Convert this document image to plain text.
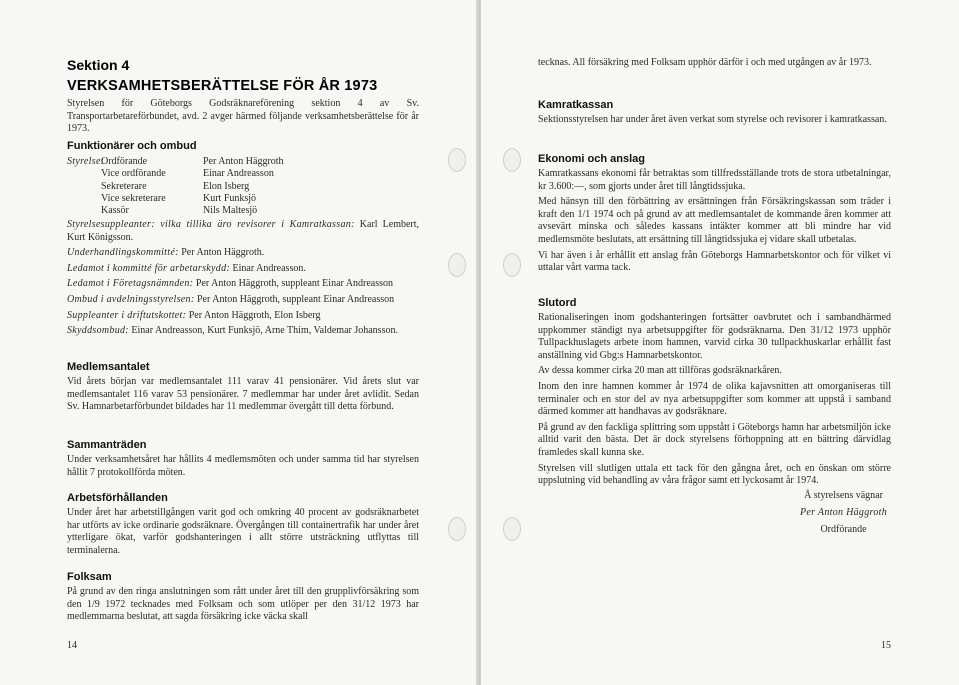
Sektion 4
VERKSAMHETSBERÄTTELSE FÖR ÅR 1973

Styrelsen för Göteborgs Godsräknareförening sektion 4 av Sv. Transportarbetareförbundet, avd. 2 avger härmed följande verksamhetsberättelse för år 1973.

Funktionärer och ombud

Styrelse:
Ordförande	Per Anton Häggroth
Vice ordförande	Einar Andreasson
Sekreterare	Elon Isberg
Vice sekreterare	Kurt Funksjö
Kassör	Nils Maltesjö

Styrelsesuppleanter: vilka tillika äro revisorer i Kamratkassan: Karl Lembert, Kurt Königsson.

Underhandlingskommitté: Per Anton Häggroth.

Ledamot i kommitté för arbetarskydd: Einar Andreasson.

Ledamot i Företagsnämnden: Per Anton Häggroth, suppleant Einar Andreasson

Ombud i avdelningsstyrelsen: Per Anton Häggroth, suppleant Einar Andreasson

Suppleanter i driftutskottet: Per Anton Häggroth, Elon Isberg

Skyddsombud: Einar Andreasson, Kurt Funksjö, Arne Thim, Valdemar Johansson.

Medlemsantalet

Vid årets början var medlemsantalet 111 varav 41 pensionärer. Vid årets slut var medlemsantalet 116 varav 53 pensionärer. 7 medlemmar har under året avlidit. Sedan Sv. Hamnarbetarförbundet bildades har 11 medlemmar övergått till detta förbund.

Sammanträden

Under verksamhetsåret har hållits 4 medlemsmöten och under samma tid har styrelsen hållit 7 protokollförda möten.

Arbetsförhållanden

Under året har arbetstillgången varit god och omkring 40 procent av godsräknarbetet har utförts av icke ordinarie godsräknare. Övergången till containertrafik har under året ytterligare ökat, varför godshanteringen i allt större utsträckning utflyttas till terminalerna.

Folksam

På grund av den ringa anslutningen som rått under året till den grupplivförsäkring som den 1/9 1972 tecknades med Folksam och som utlöper per den 31/12 1973 har medlemmarna beslutat, att sagda försäkring icke väcka skall

14

tecknas. All försäkring med Folksam upphör därför i och med utgången av år 1973.

Kamratkassan

Sektionsstyrelsen har under året även verkat som styrelse och revisorer i kamratkassan.

Ekonomi och anslag

Kamratkassans ekonomi får betraktas som tillfredsställande trots de stora utbetalningar, kr 3.600:—, som gjorts under året till långtidssjuka.

Med hänsyn till den förbättring av ersättningen från Försäkringskassan som träder i kraft den 1/1 1974 och på grund av att medlemsantalet de kommande åren kommer att avsevärt minska och således kassans intäkter kommer att bli mindre har vid medlemsmöte beslutats, att ersättning till långtidssjuka ej vidare skall utbetalas.

Vi har även i år erhållit ett anslag från Göteborgs Hamnarbetskontor och för vilket vi uttalar vårt varma tack.

Slutord

Rationaliseringen inom godshanteringen fortsätter oavbrutet och i sambandhärmed uppkommer ständigt nya arbetsuppgifter för godsräknarna. Den 31/12 1973 upphör Tullpackhuslagets arbete inom hamnen, varvid cirka 30 tullpackhuskarlar erhållit fast anställning vid Gbg:s Hamnarbetskontor.

Av dessa kommer cirka 20 man att tillföras godsräknarkåren.

Inom den inre hamnen kommer år 1974 de olika kajavsnitten att omorganiseras till terminaler och en stor del av nya arbetsuppgifter som kommer att uppstå i samband därmed kommer att handhavas av godsräknare.

På grund av den fackliga splittring som uppstått i Göteborgs hamn har arbetsmiljön icke alltid varit den bästa. Det är dock styrelsens förhoppning att en bättring därvidlag framledes skall kunna ske.

Styrelsen vill slutligen uttala ett tack för den gångna året, och en önskan om större uppslutning vid behandling av våra frågor samt ett lyckosamt år 1974.

Å styrelsens vägnar
Per Anton Häggroth
Ordförande
15
